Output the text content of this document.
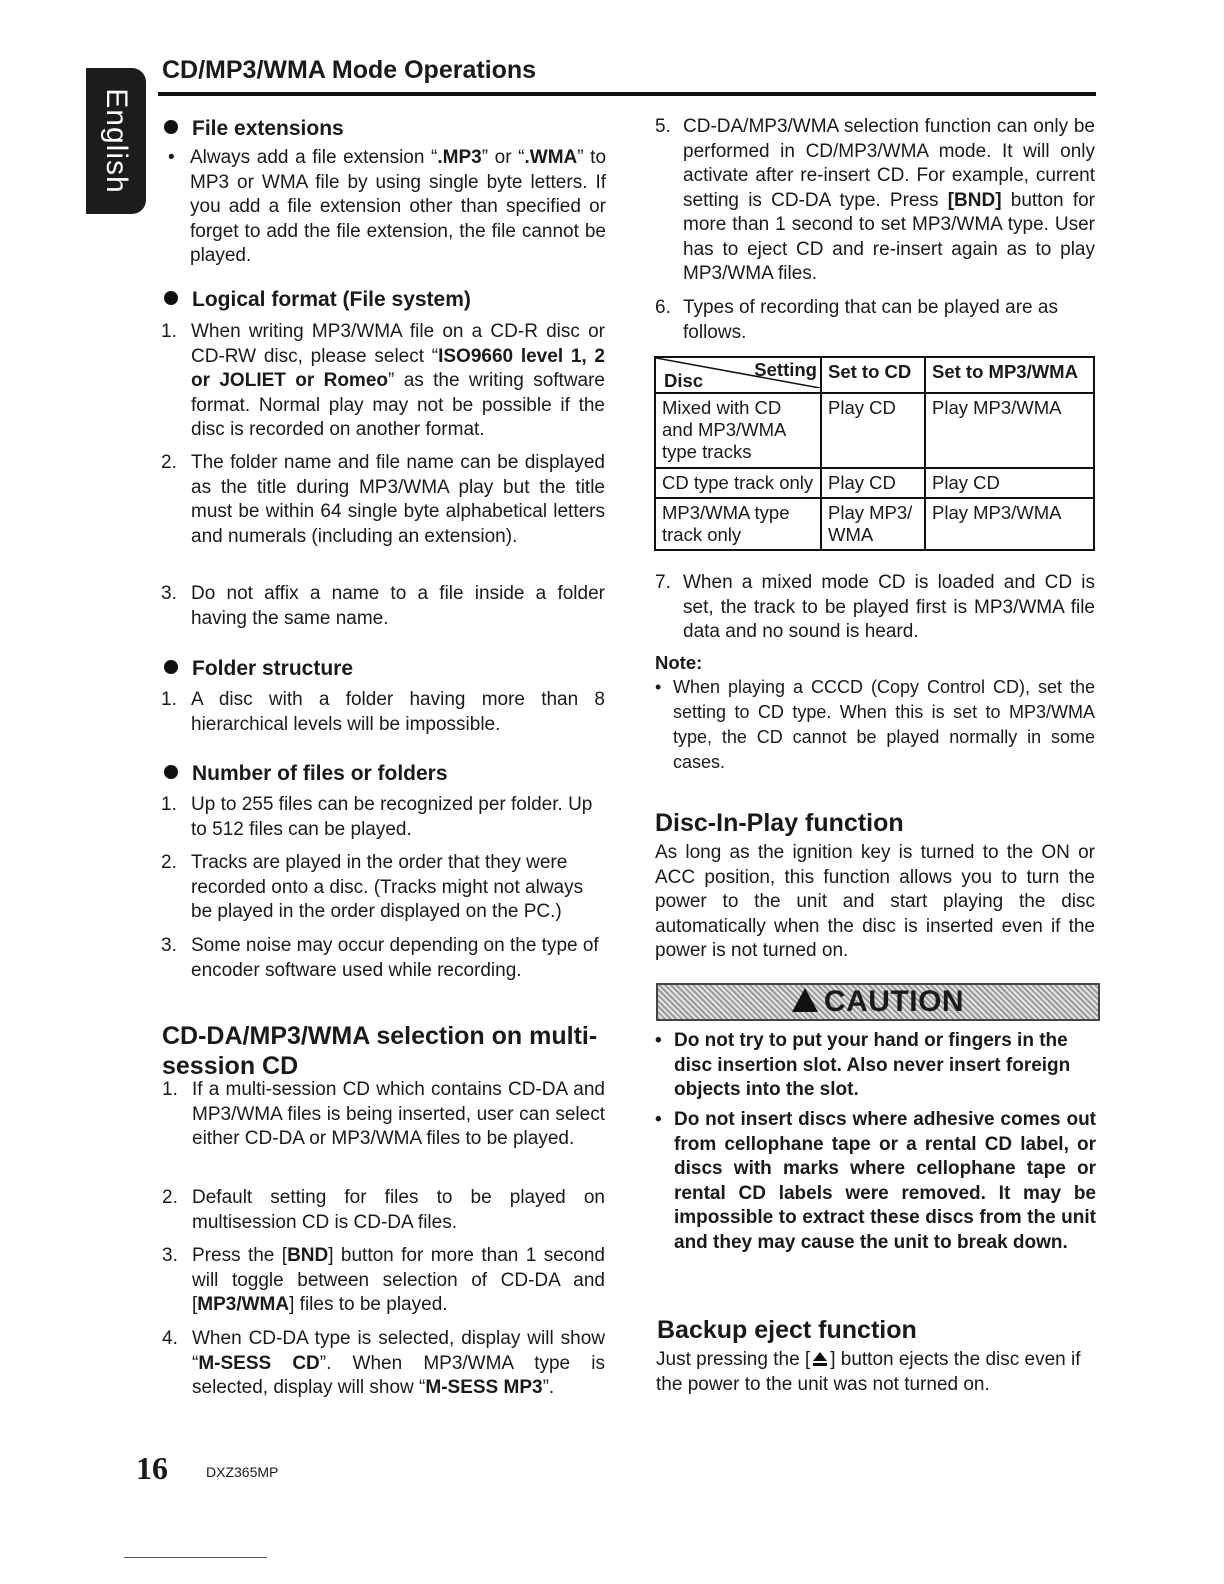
English
CD/MP3/WMA Mode Operations
File extensions
• Always add a file extension “.MP3” or “.WMA” to MP3 or WMA file by using single byte letters. If you add a file extension other than specified or forget to add the file extension, the file cannot be played.
Logical format (File system)
1. When writing MP3/WMA file on a CD-R disc or CD-RW disc, please select “ISO9660 level 1, 2 or JOLIET or Romeo” as the writing software format. Normal play may not be possible if the disc is recorded on another format.
2. The folder name and file name can be displayed as the title during MP3/WMA play but the title must be within 64 single byte alphabetical letters and numerals (including an extension).
3. Do not affix a name to a file inside a folder having the same name.
Folder structure
1. A disc with a folder having more than 8 hierarchical levels will be impossible.
Number of files or folders
1. Up to 255 files can be recognized per folder. Up to 512 files can be played.
2. Tracks are played in the order that they were recorded onto a disc. (Tracks might not always be played in the order displayed on the PC.)
3. Some noise may occur depending on the type of encoder software used while recording.
CD-DA/MP3/WMA selection on multi-session CD
1. If a multi-session CD which contains CD-DA and MP3/WMA files is being inserted, user can select either CD-DA or MP3/WMA files to be played.
2. Default setting for files to be played on multisession CD is CD-DA files.
3. Press the [BND] button for more than 1 second will toggle between selection of CD-DA and [MP3/WMA] files to be played.
4. When CD-DA type is selected, display will show “M-SESS CD”. When MP3/WMA type is selected, display will show “M-SESS MP3”.
5. CD-DA/MP3/WMA selection function can only be performed in CD/MP3/WMA mode. It will only activate after re-insert CD. For example, current setting is CD-DA type. Press [BND] button for more than 1 second to set MP3/WMA type. User has to eject CD and re-insert again as to play MP3/WMA files.
6. Types of recording that can be played are as follows.
Setting
Disc	Set to CD	Set to MP3/WMA
Mixed with CD and MP3/WMA type tracks	Play CD	Play MP3/WMA
CD type track only	Play CD	Play CD
MP3/WMA type track only	Play MP3/ WMA	Play MP3/WMA
7. When a mixed mode CD is loaded and CD is set, the track to be played first is MP3/WMA file data and no sound is heard.
Note:
• When playing a CCCD (Copy Control CD), set the setting to CD type. When this is set to MP3/WMA type, the CD cannot be played normally in some cases.
Disc-In-Play function
As long as the ignition key is turned to the ON or ACC position, this function allows you to turn the power to the unit and start playing the disc automatically when the disc is inserted even if the power is not turned on.
CAUTION
• Do not try to put your hand or fingers in the disc insertion slot. Also never insert foreign objects into the slot.
• Do not insert discs where adhesive comes out from cellophane tape or a rental CD label, or discs with marks where cellophane tape or rental CD labels were removed. It may be impossible to extract these discs from the unit and they may cause the unit to break down.
Backup eject function
Just pressing the [ ] button ejects the disc even if the power to the unit was not turned on.
16	DXZ365MP
